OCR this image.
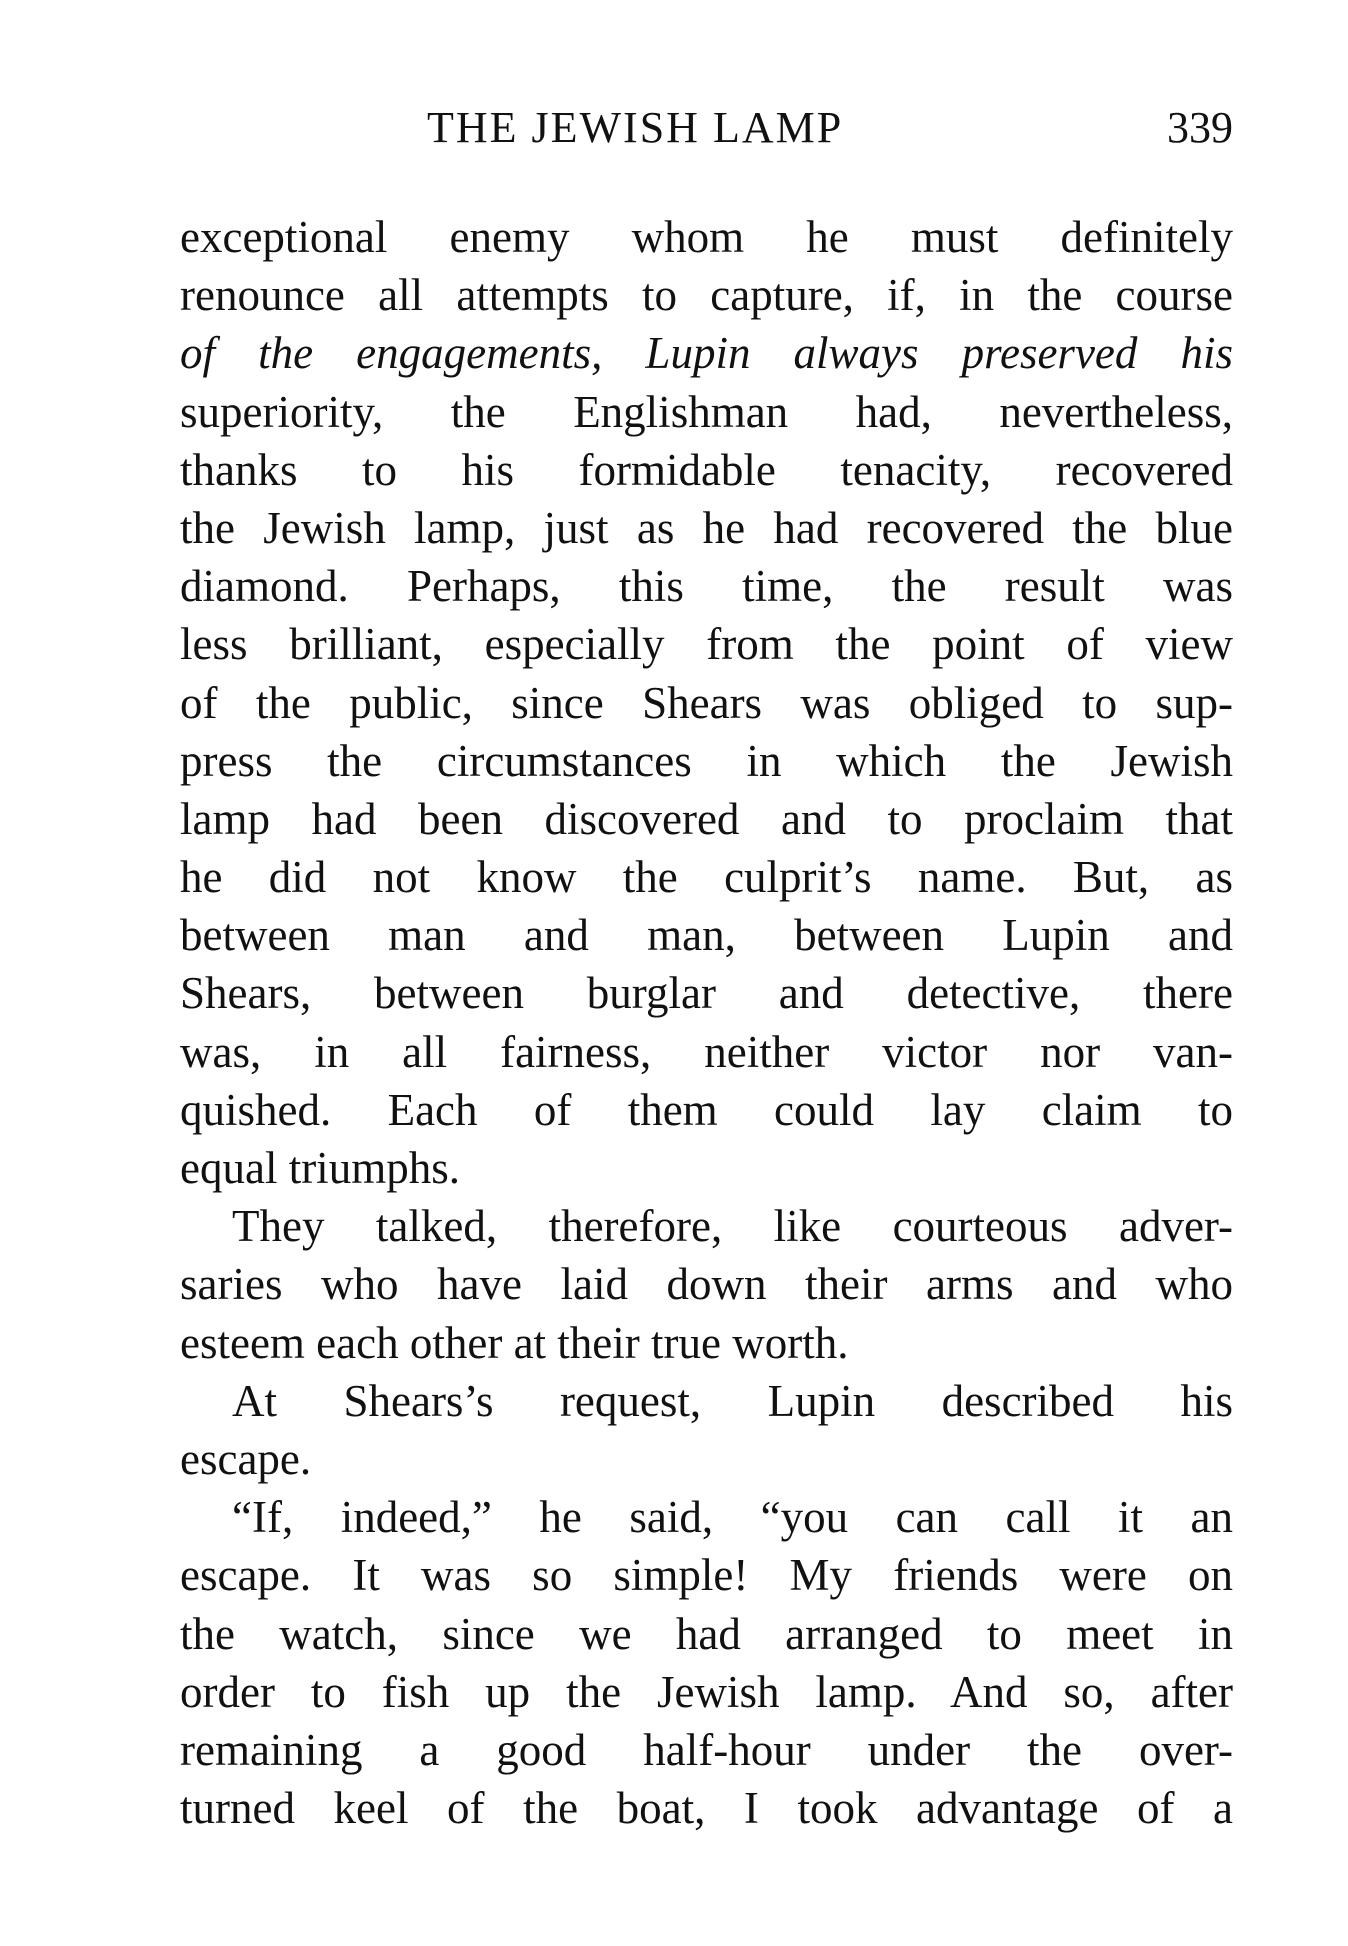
THE JEWISH LAMP	339
exceptional enemy whom he must definitely
renounce all attempts to capture, if, in the course
of the engagements, Lupin always preserved his
superiority, the Englishman had, nevertheless,
thanks to his formidable tenacity, recovered
the Jewish lamp, just as he had recovered the blue
diamond. Perhaps, this time, the result was
less brilliant, especially from the point of view
of the public, since Shears was obliged to sup-
press the circumstances in which the Jewish
lamp had been discovered and to proclaim that
he did not know the culprit’s name. But, as
between man and man, between Lupin and
Shears, between burglar and detective, there
was, in all fairness, neither victor nor van-
quished. Each of them could lay claim to
equal triumphs.
They talked, therefore, like courteous adver-
saries who have laid down their arms and who
esteem each other at their true worth.
At Shears’s request, Lupin described his
escape.
“If, indeed,” he said, “you can call it an
escape. It was so simple! My friends were on
the watch, since we had arranged to meet in
order to fish up the Jewish lamp. And so, after
remaining a good half-hour under the over-
turned keel of the boat, I took advantage of a
